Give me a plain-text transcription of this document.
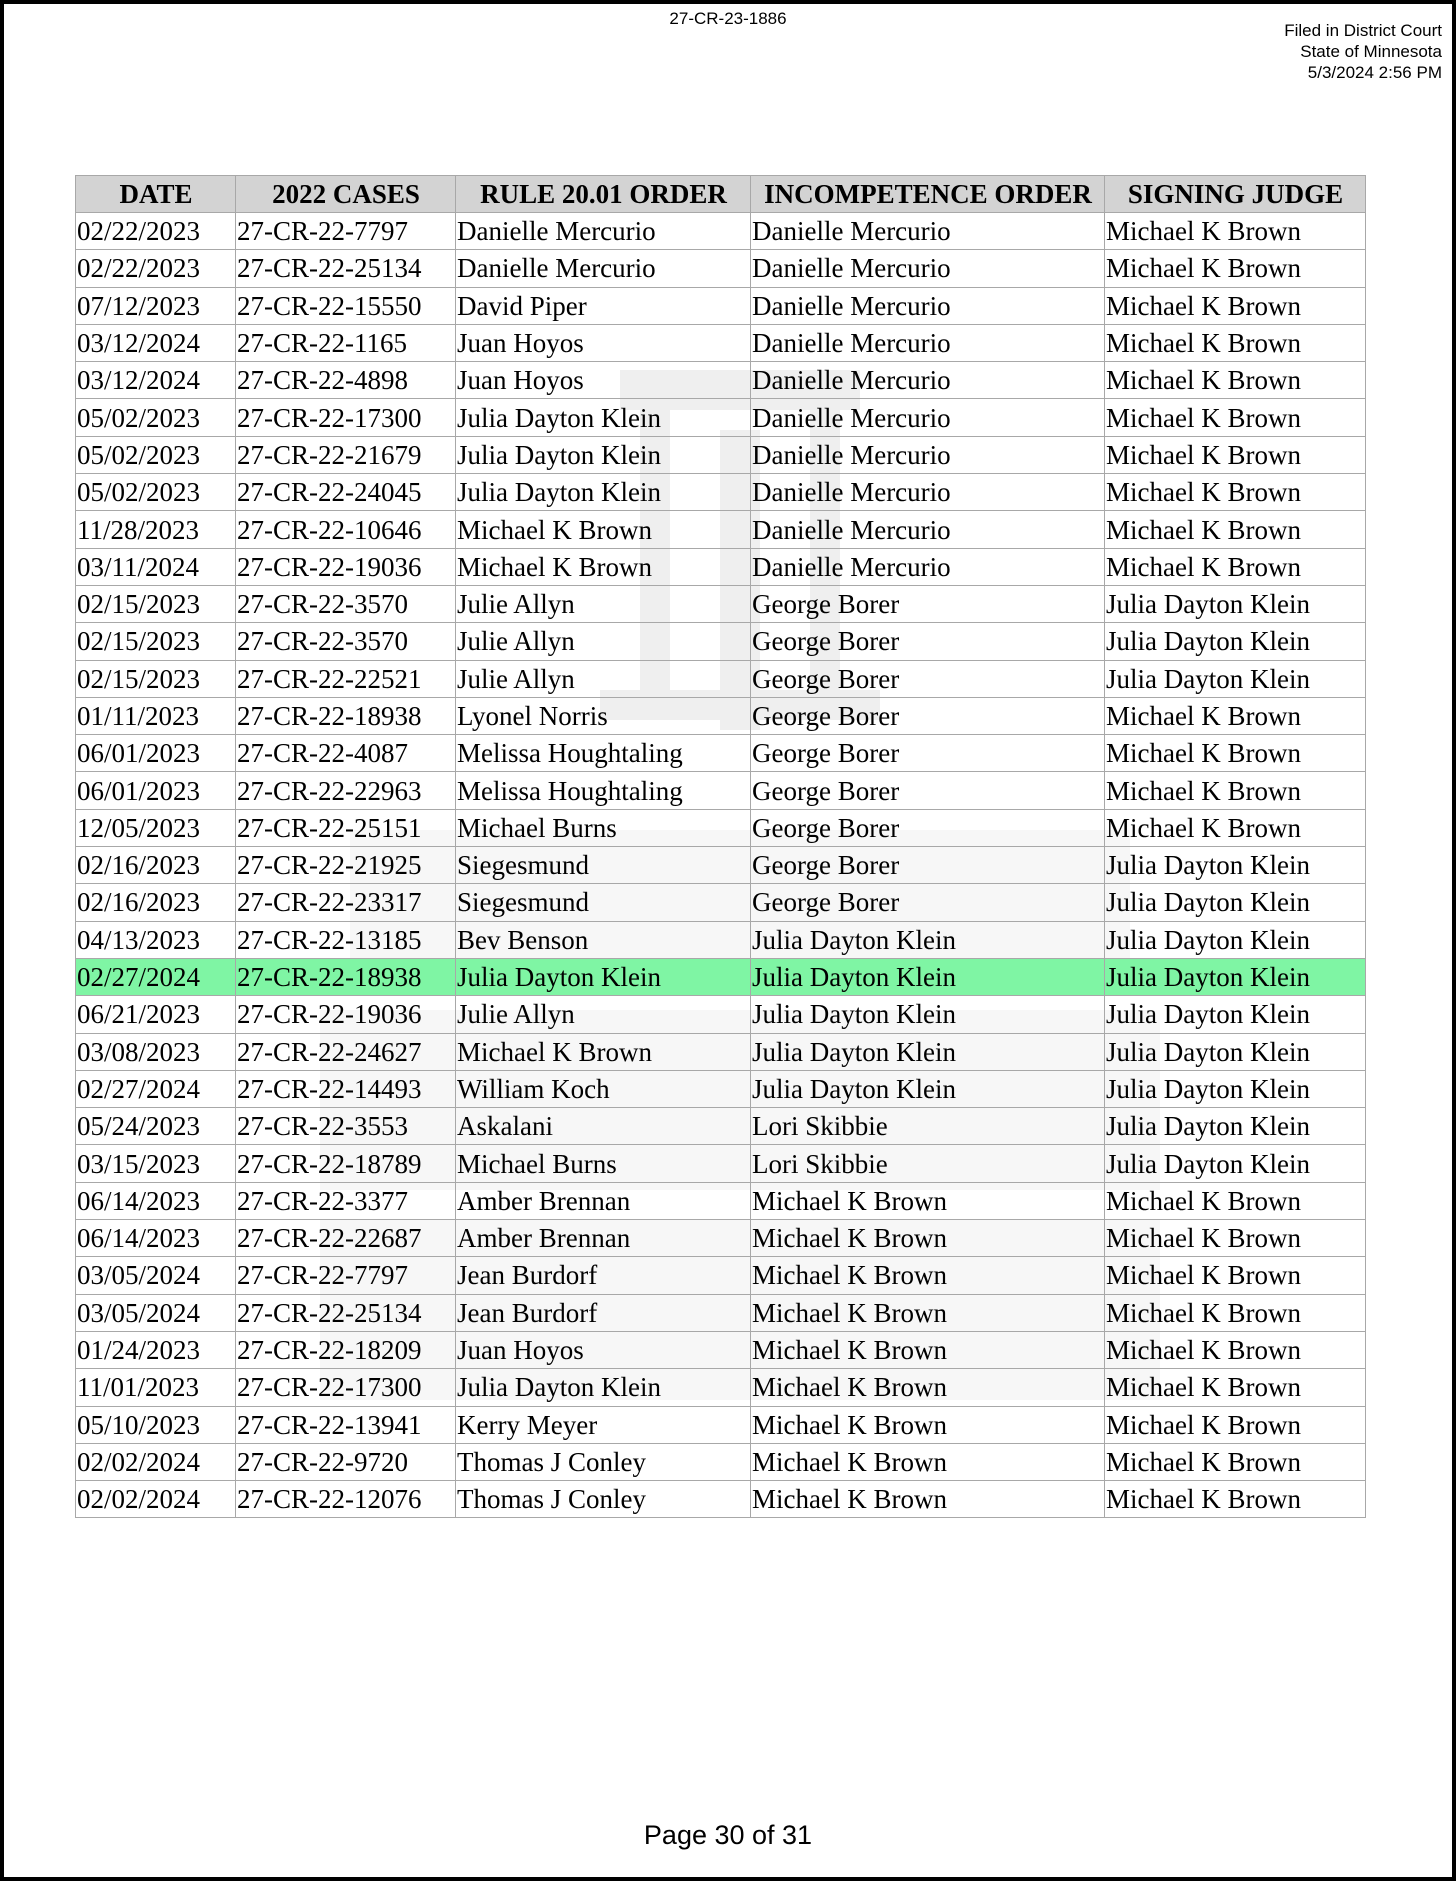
27-CR-23-1886
Filed in District Court
State of Minnesota
5/3/2024 2:56 PM
DATE	2022 CASES	RULE 20.01 ORDER	INCOMPETENCE ORDER	SIGNING JUDGE
02/22/2023	27-CR-22-7797	Danielle Mercurio	Danielle Mercurio	Michael K Brown
02/22/2023	27-CR-22-25134	Danielle Mercurio	Danielle Mercurio	Michael K Brown
07/12/2023	27-CR-22-15550	David Piper	Danielle Mercurio	Michael K Brown
03/12/2024	27-CR-22-1165	Juan Hoyos	Danielle Mercurio	Michael K Brown
03/12/2024	27-CR-22-4898	Juan Hoyos	Danielle Mercurio	Michael K Brown
05/02/2023	27-CR-22-17300	Julia Dayton Klein	Danielle Mercurio	Michael K Brown
05/02/2023	27-CR-22-21679	Julia Dayton Klein	Danielle Mercurio	Michael K Brown
05/02/2023	27-CR-22-24045	Julia Dayton Klein	Danielle Mercurio	Michael K Brown
11/28/2023	27-CR-22-10646	Michael K Brown	Danielle Mercurio	Michael K Brown
03/11/2024	27-CR-22-19036	Michael K Brown	Danielle Mercurio	Michael K Brown
02/15/2023	27-CR-22-3570	Julie Allyn	George Borer	Julia Dayton Klein
02/15/2023	27-CR-22-3570	Julie Allyn	George Borer	Julia Dayton Klein
02/15/2023	27-CR-22-22521	Julie Allyn	George Borer	Julia Dayton Klein
01/11/2023	27-CR-22-18938	Lyonel Norris	George Borer	Michael K Brown
06/01/2023	27-CR-22-4087	Melissa Houghtaling	George Borer	Michael K Brown
06/01/2023	27-CR-22-22963	Melissa Houghtaling	George Borer	Michael K Brown
12/05/2023	27-CR-22-25151	Michael Burns	George Borer	Michael K Brown
02/16/2023	27-CR-22-21925	Siegesmund	George Borer	Julia Dayton Klein
02/16/2023	27-CR-22-23317	Siegesmund	George Borer	Julia Dayton Klein
04/13/2023	27-CR-22-13185	Bev Benson	Julia Dayton Klein	Julia Dayton Klein
02/27/2024	27-CR-22-18938	Julia Dayton Klein	Julia Dayton Klein	Julia Dayton Klein
06/21/2023	27-CR-22-19036	Julie Allyn	Julia Dayton Klein	Julia Dayton Klein
03/08/2023	27-CR-22-24627	Michael K Brown	Julia Dayton Klein	Julia Dayton Klein
02/27/2024	27-CR-22-14493	William Koch	Julia Dayton Klein	Julia Dayton Klein
05/24/2023	27-CR-22-3553	Askalani	Lori Skibbie	Julia Dayton Klein
03/15/2023	27-CR-22-18789	Michael Burns	Lori Skibbie	Julia Dayton Klein
06/14/2023	27-CR-22-3377	Amber Brennan	Michael K Brown	Michael K Brown
06/14/2023	27-CR-22-22687	Amber Brennan	Michael K Brown	Michael K Brown
03/05/2024	27-CR-22-7797	Jean Burdorf	Michael K Brown	Michael K Brown
03/05/2024	27-CR-22-25134	Jean Burdorf	Michael K Brown	Michael K Brown
01/24/2023	27-CR-22-18209	Juan Hoyos	Michael K Brown	Michael K Brown
11/01/2023	27-CR-22-17300	Julia Dayton Klein	Michael K Brown	Michael K Brown
05/10/2023	27-CR-22-13941	Kerry Meyer	Michael K Brown	Michael K Brown
02/02/2024	27-CR-22-9720	Thomas J Conley	Michael K Brown	Michael K Brown
02/02/2024	27-CR-22-12076	Thomas J Conley	Michael K Brown	Michael K Brown
Page 30 of 31
